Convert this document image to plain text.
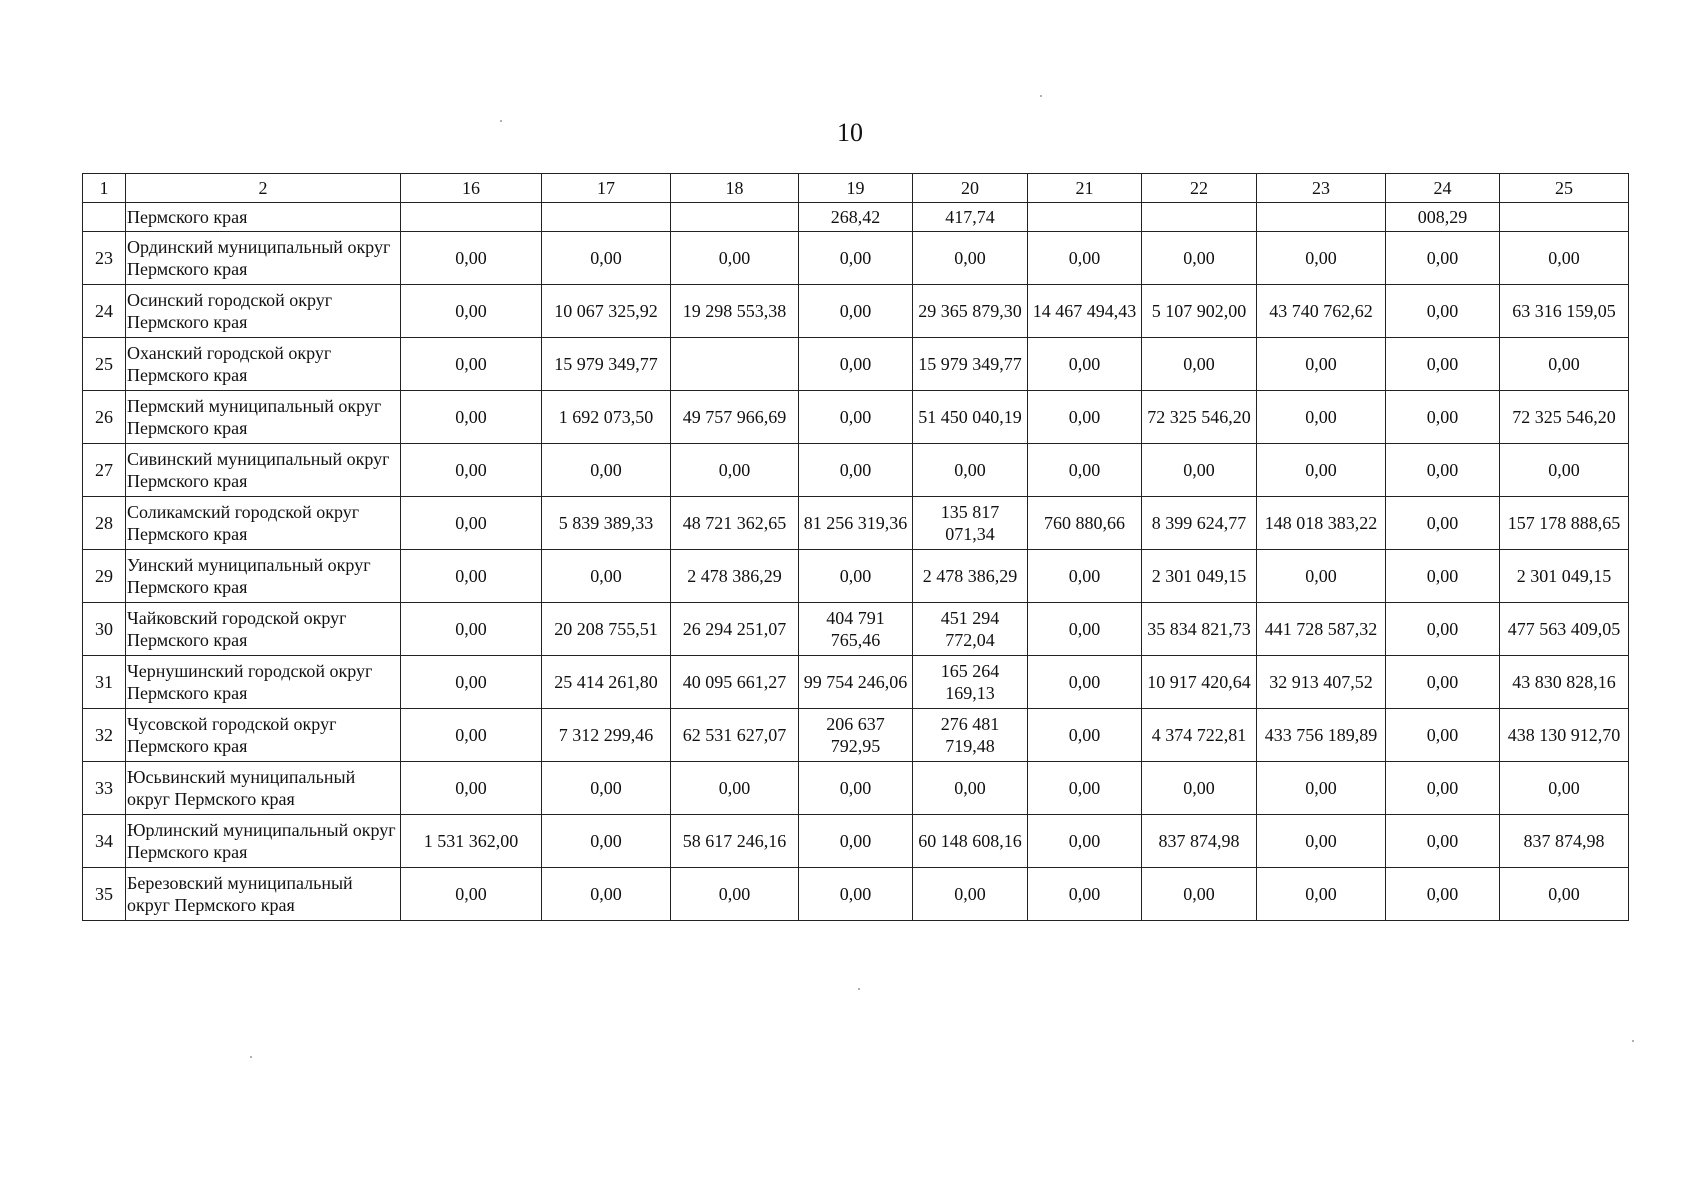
10
1	2	16	17	18	19	20	21	22	23	24	25
	Пермского края				268,42	417,74				008,29	
23	Ординский муниципальный округ Пермского края	0,00	0,00	0,00	0,00	0,00	0,00	0,00	0,00	0,00	0,00
24	Осинский городской округ Пермского края	0,00	10 067 325,92	19 298 553,38	0,00	29 365 879,30	14 467 494,43	5 107 902,00	43 740 762,62	0,00	63 316 159,05
25	Оханский городской округ Пермского края	0,00	15 979 349,77		0,00	15 979 349,77	0,00	0,00	0,00	0,00	0,00
26	Пермский муниципальный округ Пермского края	0,00	1 692 073,50	49 757 966,69	0,00	51 450 040,19	0,00	72 325 546,20	0,00	0,00	72 325 546,20
27	Сивинский муниципальный округ Пермского края	0,00	0,00	0,00	0,00	0,00	0,00	0,00	0,00	0,00	0,00
28	Соликамский городской округ Пермского края	0,00	5 839 389,33	48 721 362,65	81 256 319,36	135 817 071,34	760 880,66	8 399 624,77	148 018 383,22	0,00	157 178 888,65
29	Уинский муниципальный округ Пермского края	0,00	0,00	2 478 386,29	0,00	2 478 386,29	0,00	2 301 049,15	0,00	0,00	2 301 049,15
30	Чайковский городской округ Пермского края	0,00	20 208 755,51	26 294 251,07	404 791 765,46	451 294 772,04	0,00	35 834 821,73	441 728 587,32	0,00	477 563 409,05
31	Чернушинский городской округ Пермского края	0,00	25 414 261,80	40 095 661,27	99 754 246,06	165 264 169,13	0,00	10 917 420,64	32 913 407,52	0,00	43 830 828,16
32	Чусовской городской округ Пермского края	0,00	7 312 299,46	62 531 627,07	206 637 792,95	276 481 719,48	0,00	4 374 722,81	433 756 189,89	0,00	438 130 912,70
33	Юсьвинский муниципальный округ Пермского края	0,00	0,00	0,00	0,00	0,00	0,00	0,00	0,00	0,00	0,00
34	Юрлинский муниципальный округ Пермского края	1 531 362,00	0,00	58 617 246,16	0,00	60 148 608,16	0,00	837 874,98	0,00	0,00	837 874,98
35	Березовский муниципальный округ Пермского края	0,00	0,00	0,00	0,00	0,00	0,00	0,00	0,00	0,00	0,00
